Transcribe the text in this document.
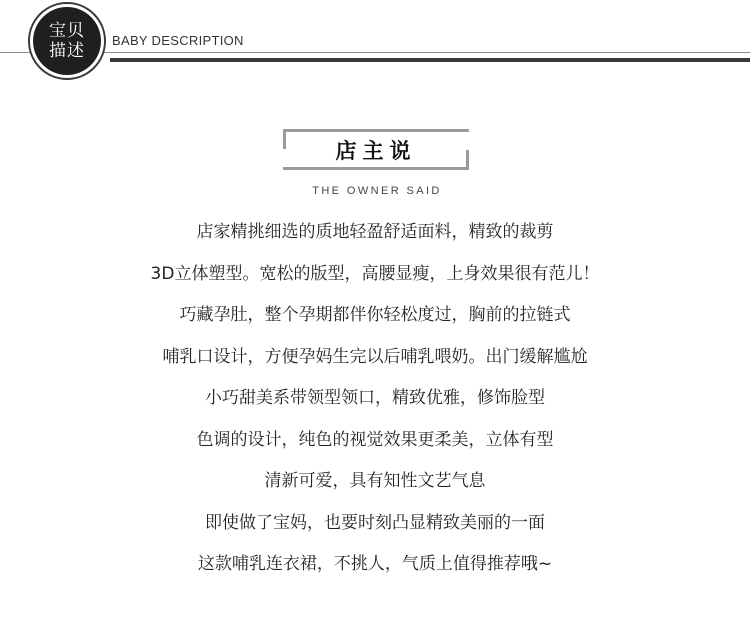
宝贝
描述
BABY DESCRIPTION
店主说
THE OWNER SAID
店家精挑细选的质地轻盈舒适面料，精致的裁剪
3D立体塑型。宽松的版型，高腰显瘦，上身效果很有范儿！
巧藏孕肚，整个孕期都伴你轻松度过，胸前的拉链式
哺乳口设计，方便孕妈生完以后哺乳喂奶。出门缓解尴尬
小巧甜美系带领型领口，精致优雅，修饰脸型
色调的设计，纯色的视觉效果更柔美，立体有型
清新可爱，具有知性文艺气息
即使做了宝妈，也要时刻凸显精致美丽的一面
这款哺乳连衣裙，不挑人，气质上值得推荐哦~
